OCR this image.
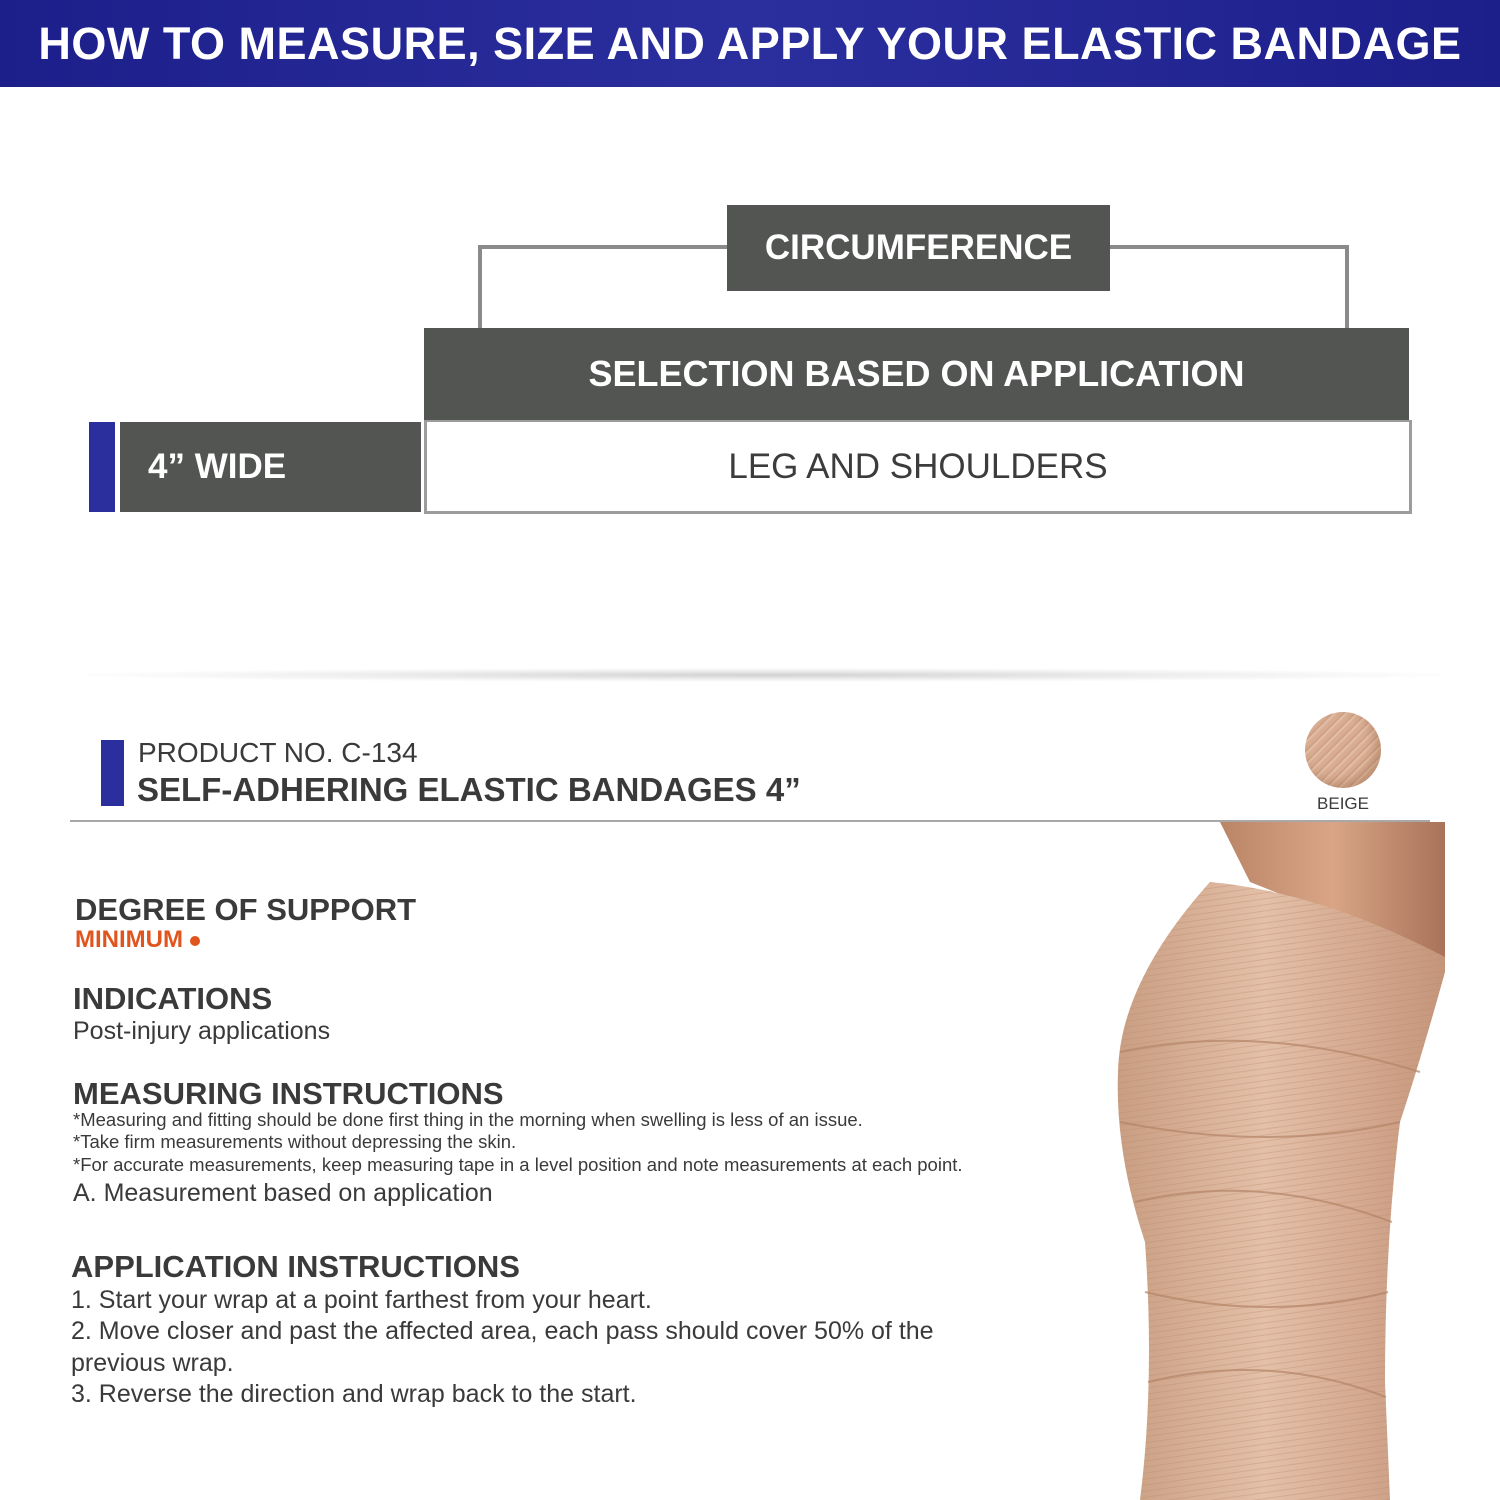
HOW TO MEASURE, SIZE AND APPLY YOUR ELASTIC BANDAGE
CIRCUMFERENCE
SELECTION BASED ON APPLICATION
4” WIDE	LEG AND SHOULDERS
PRODUCT NO. C-134
SELF-ADHERING ELASTIC BANDAGES 4”	BEIGE
DEGREE OF SUPPORT
MINIMUM
INDICATIONS
Post-injury applications
MEASURING INSTRUCTIONS
*Measuring and fitting should be done first thing in the morning when swelling is less of an issue.
*Take firm measurements without depressing the skin.
*For accurate measurements, keep measuring tape in a level position and note measurements at each point.
A. Measurement based on application
APPLICATION INSTRUCTIONS
1. Start your wrap at a point farthest from your heart.
2. Move closer and past the affected area, each pass should cover 50% of the
previous wrap.
3. Reverse the direction and wrap back to the start.
